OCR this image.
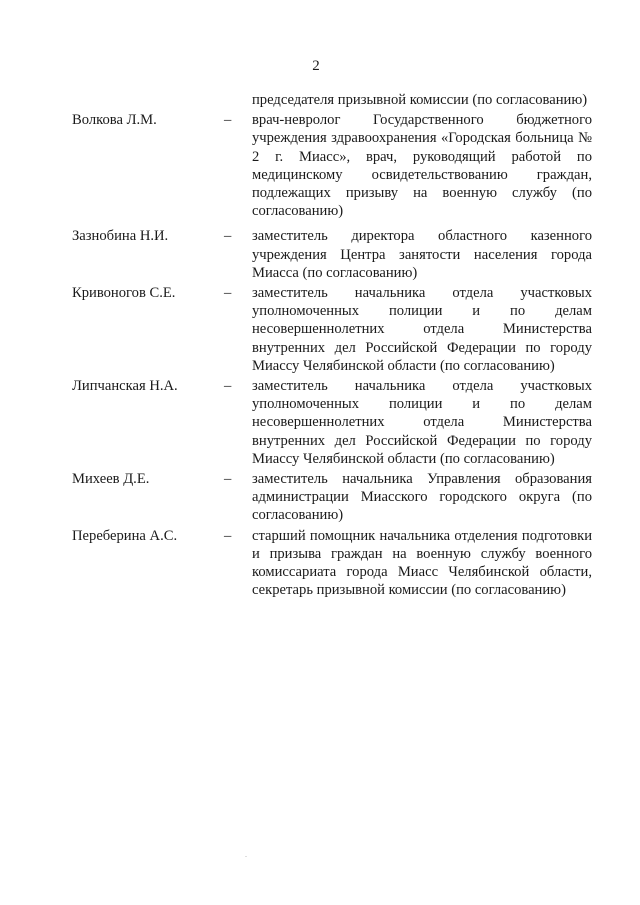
2
председателя призывной комиссии (по согласованию)
Волкова Л.М.	–	врач-невролог Государственного бюджетного учреждения здравоохранения «Городская больница № 2 г. Миасс», врач, руководящий работой по медицинскому освидетельствованию граждан, подлежащих призыву на военную службу (по согласованию)
Зазнобина Н.И.	–	заместитель директора областного казенного учреждения Центра занятости населения города Миасса (по согласованию)
Кривоногов С.Е.	–	заместитель начальника отдела участковых уполномоченных полиции и по делам несовершеннолетних отдела Министерства внутренних дел Российской Федерации по городу Миассу Челябинской области (по согласованию)
Липчанская Н.А.	–	заместитель начальника отдела участковых уполномоченных полиции и по делам несовершеннолетних отдела Министерства внутренних дел Российской Федерации по городу Миассу Челябинской области (по согласованию)
Михеев Д.Е.	–	заместитель начальника Управления образования администрации Миасского городского округа (по согласованию)
Переберина А.С.	–	старший помощник начальника отделения подготовки и призыва граждан на военную службу военного комиссариата города Миасс Челябинской области, секретарь призывной комиссии (по согласованию)
.
